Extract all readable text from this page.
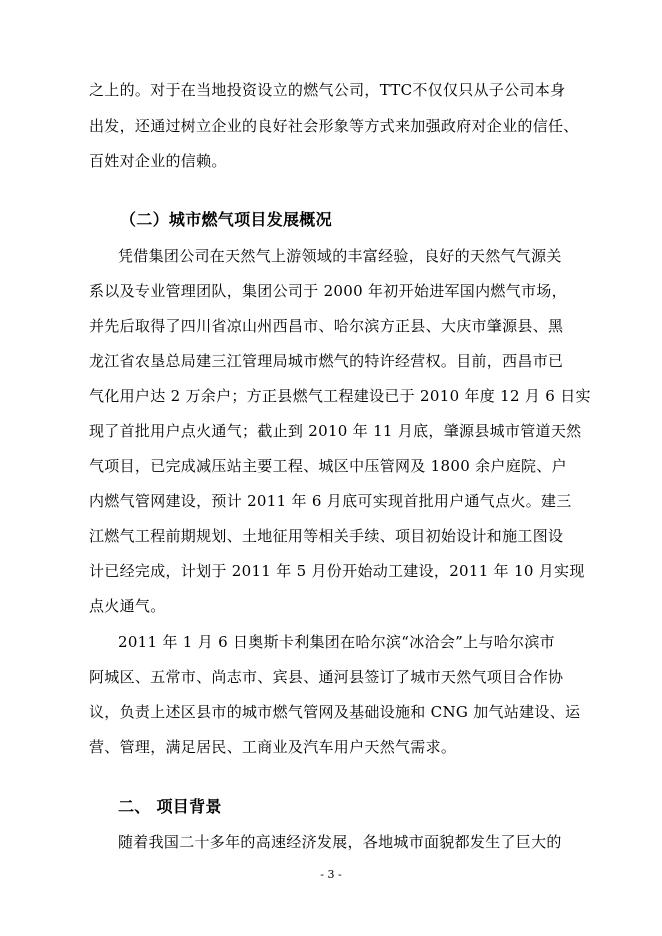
之上的。对于在当地投资设立的燃气公司，TTC不仅仅只从子公司本身
出发，还通过树立企业的良好社会形象等方式来加强政府对企业的信任、
百姓对企业的信赖。
（二）城市燃气项目发展概况
凭借集团公司在天然气上游领域的丰富经验，良好的天然气气源关
系以及专业管理团队，集团公司于 2000 年初开始进军国内燃气市场，
并先后取得了四川省凉山州西昌市、哈尔滨方正县、大庆市肇源县、黑
龙江省农垦总局建三江管理局城市燃气的特许经营权。目前，西昌市已
气化用户达 2 万余户；方正县燃气工程建设已于 2010 年度 12 月 6 日实
现了首批用户点火通气；截止到 2010 年 11 月底，肇源县城市管道天然
气项目，已完成减压站主要工程、城区中压管网及 1800 余户庭院、户
内燃气管网建设，预计 2011 年 6 月底可实现首批用户通气点火。建三
江燃气工程前期规划、土地征用等相关手续、项目初始设计和施工图设
计已经完成，计划于 2011 年 5 月份开始动工建设，2011 年 10 月实现
点火通气。
2011 年 1 月 6 日奥斯卡利集团在哈尔滨“冰洽会”上与哈尔滨市
阿城区、五常市、尚志市、宾县、通河县签订了城市天然气项目合作协
议，负责上述区县市的城市燃气管网及基础设施和 CNG 加气站建设、运
营、管理，满足居民、工商业及汽车用户天然气需求。
二、 项目背景
随着我国二十多年的高速经济发展，各地城市面貌都发生了巨大的
- 3 -
